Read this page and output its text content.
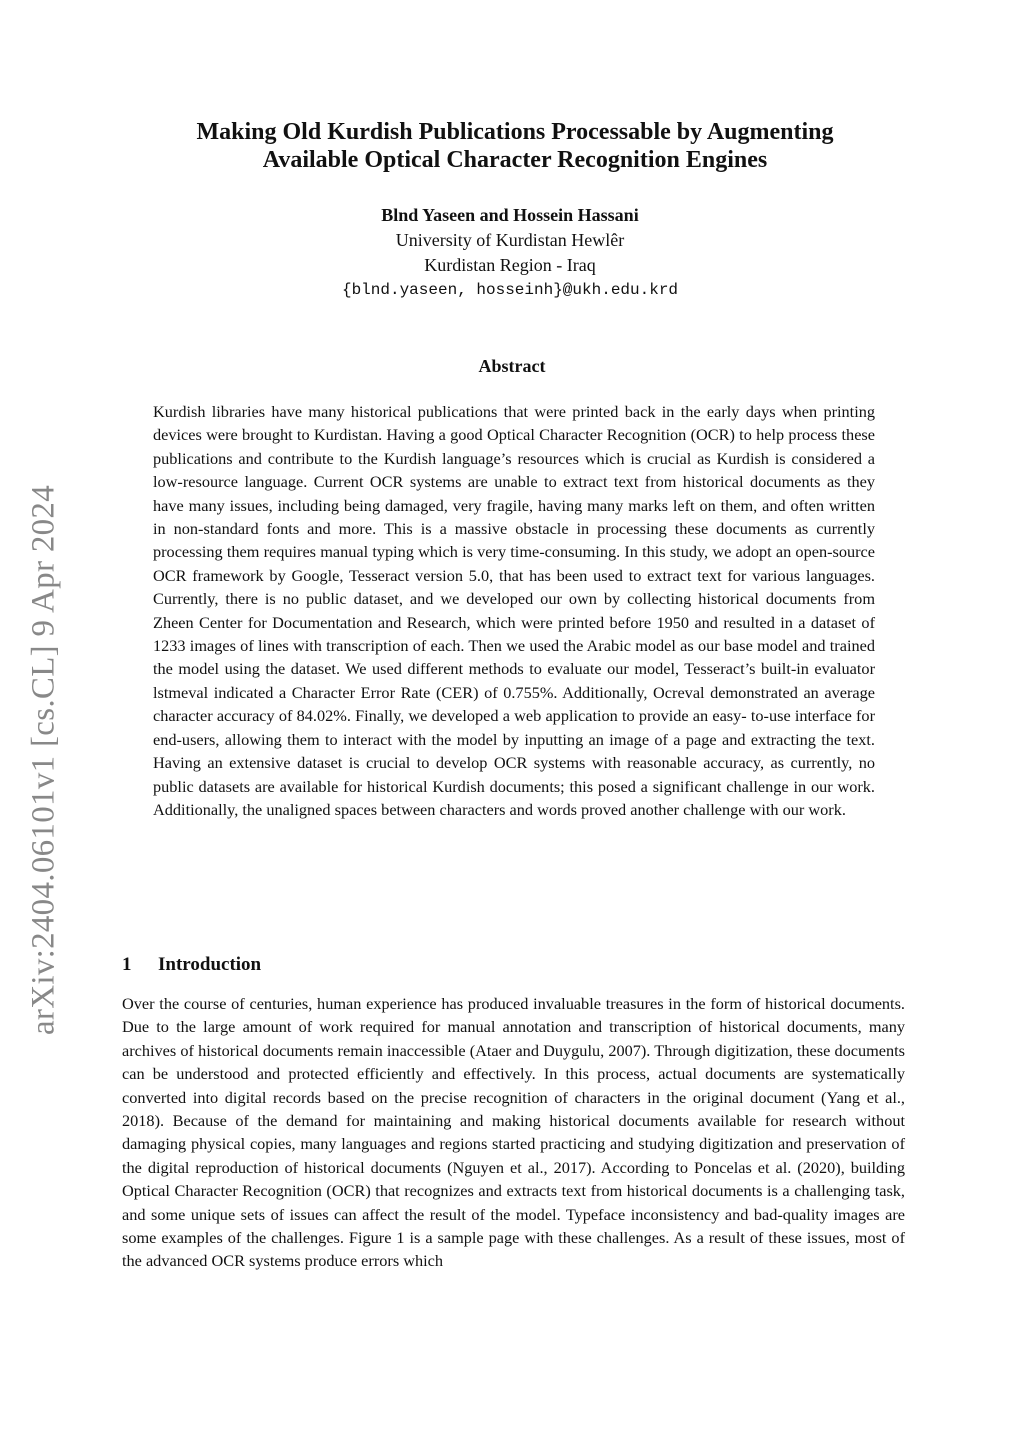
arXiv:2404.06101v1 [cs.CL] 9 Apr 2024
Making Old Kurdish Publications Processable by Augmenting
Available Optical Character Recognition Engines
Blnd Yaseen and Hossein Hassani
University of Kurdistan Hewlêr
Kurdistan Region - Iraq
{blnd.yaseen, hosseinh}@ukh.edu.krd
Abstract
Kurdish libraries have many historical publications that were printed back in the early days when printing devices were brought to Kurdistan. Having a good Optical Character Recognition (OCR) to help process these publications and contribute to the Kurdish language’s resources which is crucial as Kurdish is considered a low-resource language. Current OCR systems are unable to extract text from historical documents as they have many issues, including being damaged, very fragile, having many marks left on them, and often written in non-standard fonts and more. This is a massive obstacle in processing these documents as currently processing them requires manual typing which is very time-consuming. In this study, we adopt an open-source OCR framework by Google, Tesseract version 5.0, that has been used to extract text for various languages. Currently, there is no public dataset, and we developed our own by collecting historical documents from Zheen Center for Documentation and Research, which were printed before 1950 and resulted in a dataset of 1233 images of lines with transcription of each. Then we used the Arabic model as our base model and trained the model using the dataset. We used different methods to evaluate our model, Tesseract’s built-in evaluator lstmeval indicated a Character Error Rate (CER) of 0.755%. Additionally, Ocreval demonstrated an average character accuracy of 84.02%. Finally, we developed a web application to provide an easy- to-use interface for end-users, allowing them to interact with the model by inputting an image of a page and extracting the text. Having an extensive dataset is crucial to develop OCR systems with reasonable accuracy, as currently, no public datasets are available for historical Kurdish documents; this posed a significant challenge in our work. Additionally, the unaligned spaces between characters and words proved another challenge with our work.
1 Introduction
Over the course of centuries, human experience has produced invaluable treasures in the form of historical documents. Due to the large amount of work required for manual annotation and transcription of historical documents, many archives of historical documents remain inaccessible (Ataer and Duygulu, 2007). Through digitization, these documents can be understood and protected efficiently and effectively. In this process, actual documents are systematically converted into digital records based on the precise recognition of characters in the original document (Yang et al., 2018). Because of the demand for maintaining and making historical documents available for research without damaging physical copies, many languages and regions started practicing and studying digitization and preservation of the digital reproduction of historical documents (Nguyen et al., 2017). According to Poncelas et al. (2020), building Optical Character Recognition (OCR) that recognizes and extracts text from historical documents is a challenging task, and some unique sets of issues can affect the result of the model. Typeface inconsistency and bad-quality images are some examples of the challenges. Figure 1 is a sample page with these challenges. As a result of these issues, most of the advanced OCR systems produce errors which
